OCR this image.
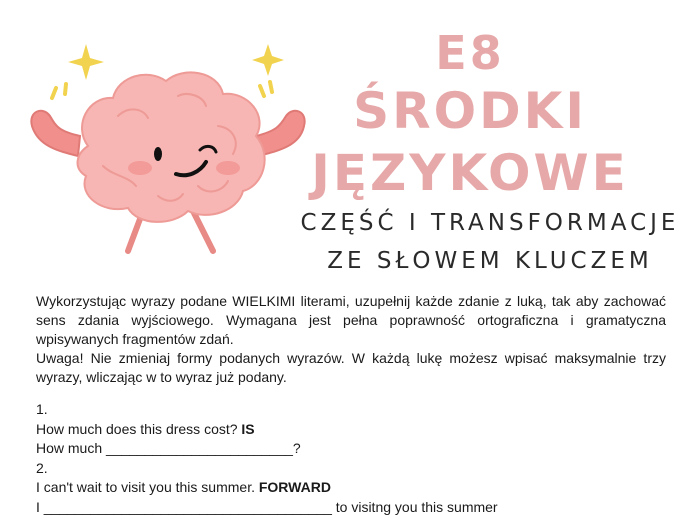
E8
ŚRODKI
JĘZYKOWE
CZĘŚĆ I TRANSFORMACJE
ZE SŁOWEM KLUCZEM

Wykorzystując wyrazy podane WIELKIMI literami, uzupełnij każde zdanie z luką, tak aby zachować sens zdania wyjściowego. Wymagana jest pełna poprawność ortograficzna i gramatyczna wpisywanych fragmentów zdań.

Uwaga! Nie zmieniaj formy podanych wyrazów. W każdą lukę możesz wpisać maksymalnie trzy wyrazy, wliczając w to wyraz już podany.

1.
How much does this dress cost? IS
How much ________________________?
2.
I can't wait to visit you this summer. FORWARD
I _____________________________________ to visitng you this summer
